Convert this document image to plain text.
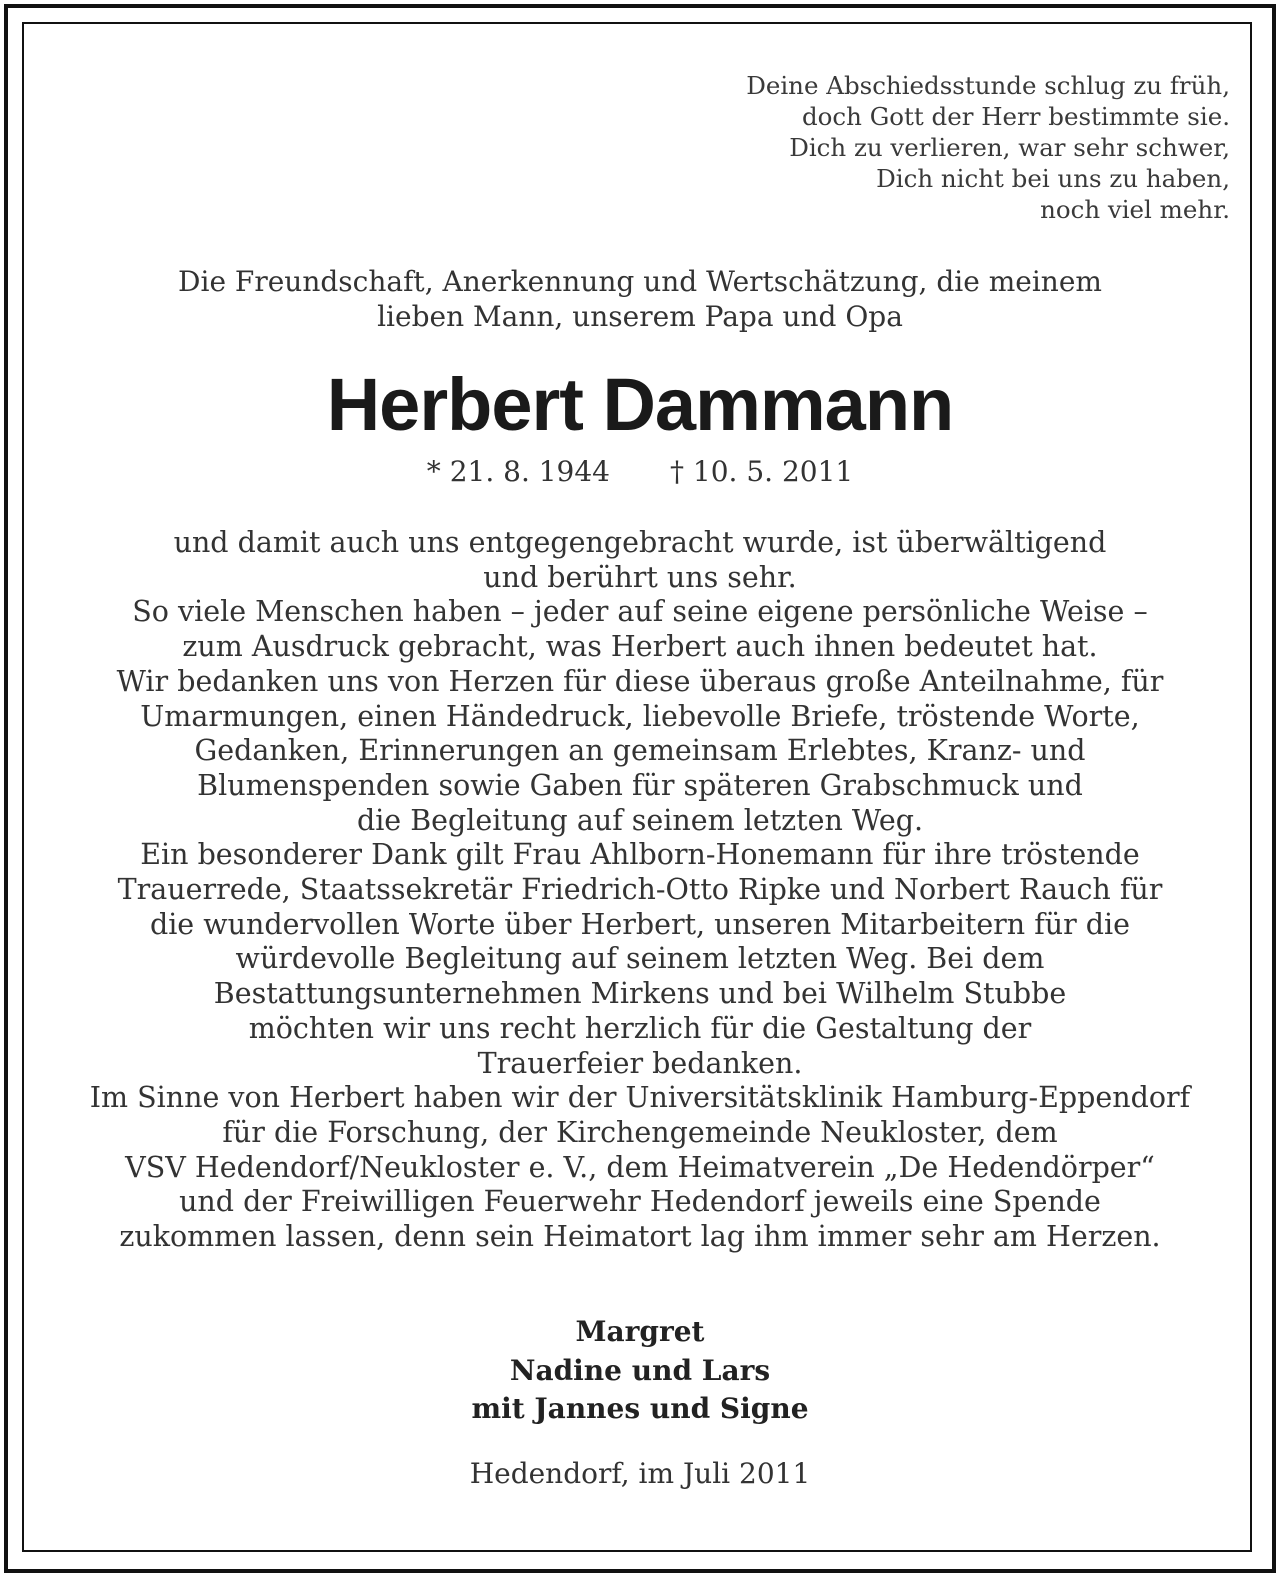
Deine Abschiedsstunde schlug zu früh,
doch Gott der Herr bestimmte sie.
Dich zu verlieren, war sehr schwer,
Dich nicht bei uns zu haben,
noch viel mehr.
Die Freundschaft, Anerkennung und Wertschätzung, die meinem
lieben Mann, unserem Papa und Opa
Herbert Dammann
* 21. 8. 1944 † 10. 5. 2011
und damit auch uns entgegengebracht wurde, ist überwältigend
und berührt uns sehr.
So viele Menschen haben – jeder auf seine eigene persönliche Weise –
zum Ausdruck gebracht, was Herbert auch ihnen bedeutet hat.
Wir bedanken uns von Herzen für diese überaus große Anteilnahme, für
Umarmungen, einen Händedruck, liebevolle Briefe, tröstende Worte,
Gedanken, Erinnerungen an gemeinsam Erlebtes, Kranz- und
Blumenspenden sowie Gaben für späteren Grabschmuck und
die Begleitung auf seinem letzten Weg.
Ein besonderer Dank gilt Frau Ahlborn-Honemann für ihre tröstende
Trauerrede, Staatssekretär Friedrich-Otto Ripke und Norbert Rauch für
die wundervollen Worte über Herbert, unseren Mitarbeitern für die
würdevolle Begleitung auf seinem letzten Weg. Bei dem
Bestattungsunternehmen Mirkens und bei Wilhelm Stubbe
möchten wir uns recht herzlich für die Gestaltung der
Trauerfeier bedanken.
Im Sinne von Herbert haben wir der Universitätsklinik Hamburg-Eppendorf
für die Forschung, der Kirchengemeinde Neukloster, dem
VSV Hedendorf/Neukloster e. V., dem Heimatverein „De Hedendörper“
und der Freiwilligen Feuerwehr Hedendorf jeweils eine Spende
zukommen lassen, denn sein Heimatort lag ihm immer sehr am Herzen.
Margret
Nadine und Lars
mit Jannes und Signe
Hedendorf, im Juli 2011
